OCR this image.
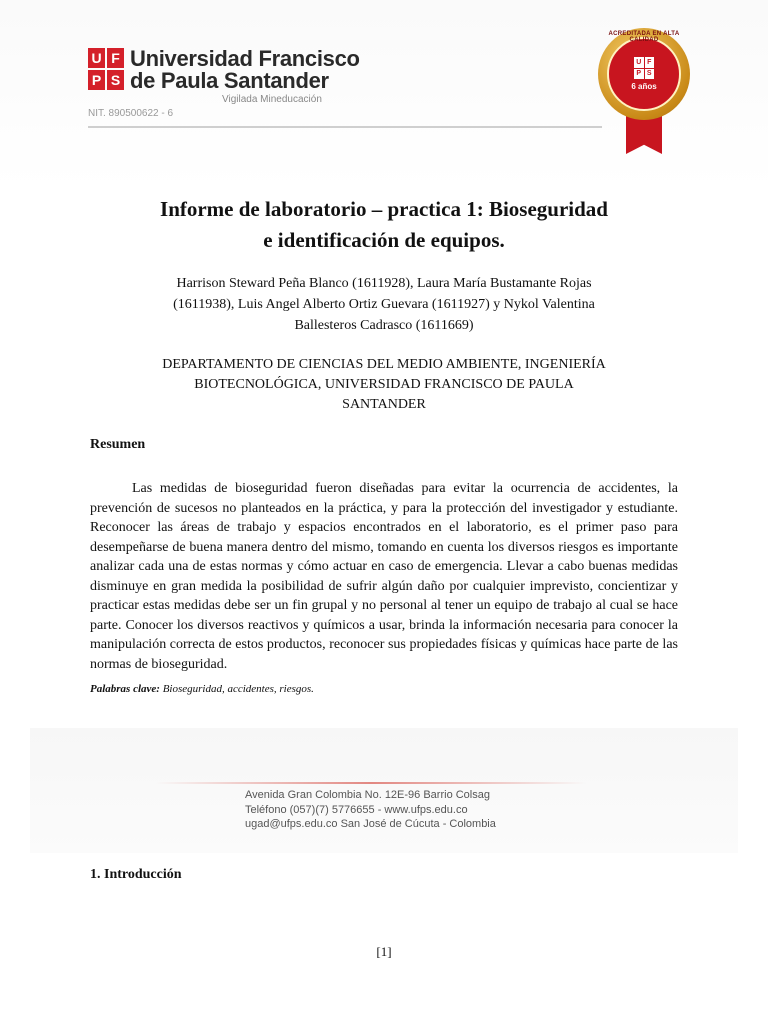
U F
P S
Universidad Francisco
de Paula Santander
Vigilada Mineducación
NIT. 890500622 - 6
ACREDITADA EN ALTA CALIDAD
U F
P S
6 años
Informe de laboratorio – practica 1: Bioseguridad
e identificación de equipos.
Harrison Steward Peña Blanco (1611928), Laura María Bustamante Rojas
(1611938), Luis Angel Alberto Ortiz Guevara (1611927) y Nykol Valentina
Ballesteros Cadrasco (1611669)
DEPARTAMENTO DE CIENCIAS DEL MEDIO AMBIENTE, INGENIERÍA
BIOTECNOLÓGICA, UNIVERSIDAD FRANCISCO DE PAULA
SANTANDER
Resumen

Las medidas de bioseguridad fueron diseñadas para evitar la ocurrencia de accidentes, la prevención de sucesos no planteados en la práctica, y para la protección del investigador y estudiante. Reconocer las áreas de trabajo y espacios encontrados en el laboratorio, es el primer paso para desempeñarse de buena manera dentro del mismo, tomando en cuenta los diversos riesgos es importante analizar cada una de estas normas y cómo actuar en caso de emergencia. Llevar a cabo buenas medidas disminuye en gran medida la posibilidad de sufrir algún daño por cualquier imprevisto, concientizar y practicar estas medidas debe ser un fin grupal y no personal al tener un equipo de trabajo al cual se hace parte. Conocer los diversos reactivos y químicos a usar, brinda la información necesaria para conocer la manipulación correcta de estos productos, reconocer sus propiedades físicas y químicas hace parte de las normas de bioseguridad.

Palabras clave: Bioseguridad, accidentes, riesgos.
Avenida Gran Colombia No. 12E-96 Barrio Colsag
Teléfono (057)(7) 5776655 - www.ufps.edu.co
ugad@ufps.edu.co San José de Cúcuta - Colombia
1. Introducción
[1]
